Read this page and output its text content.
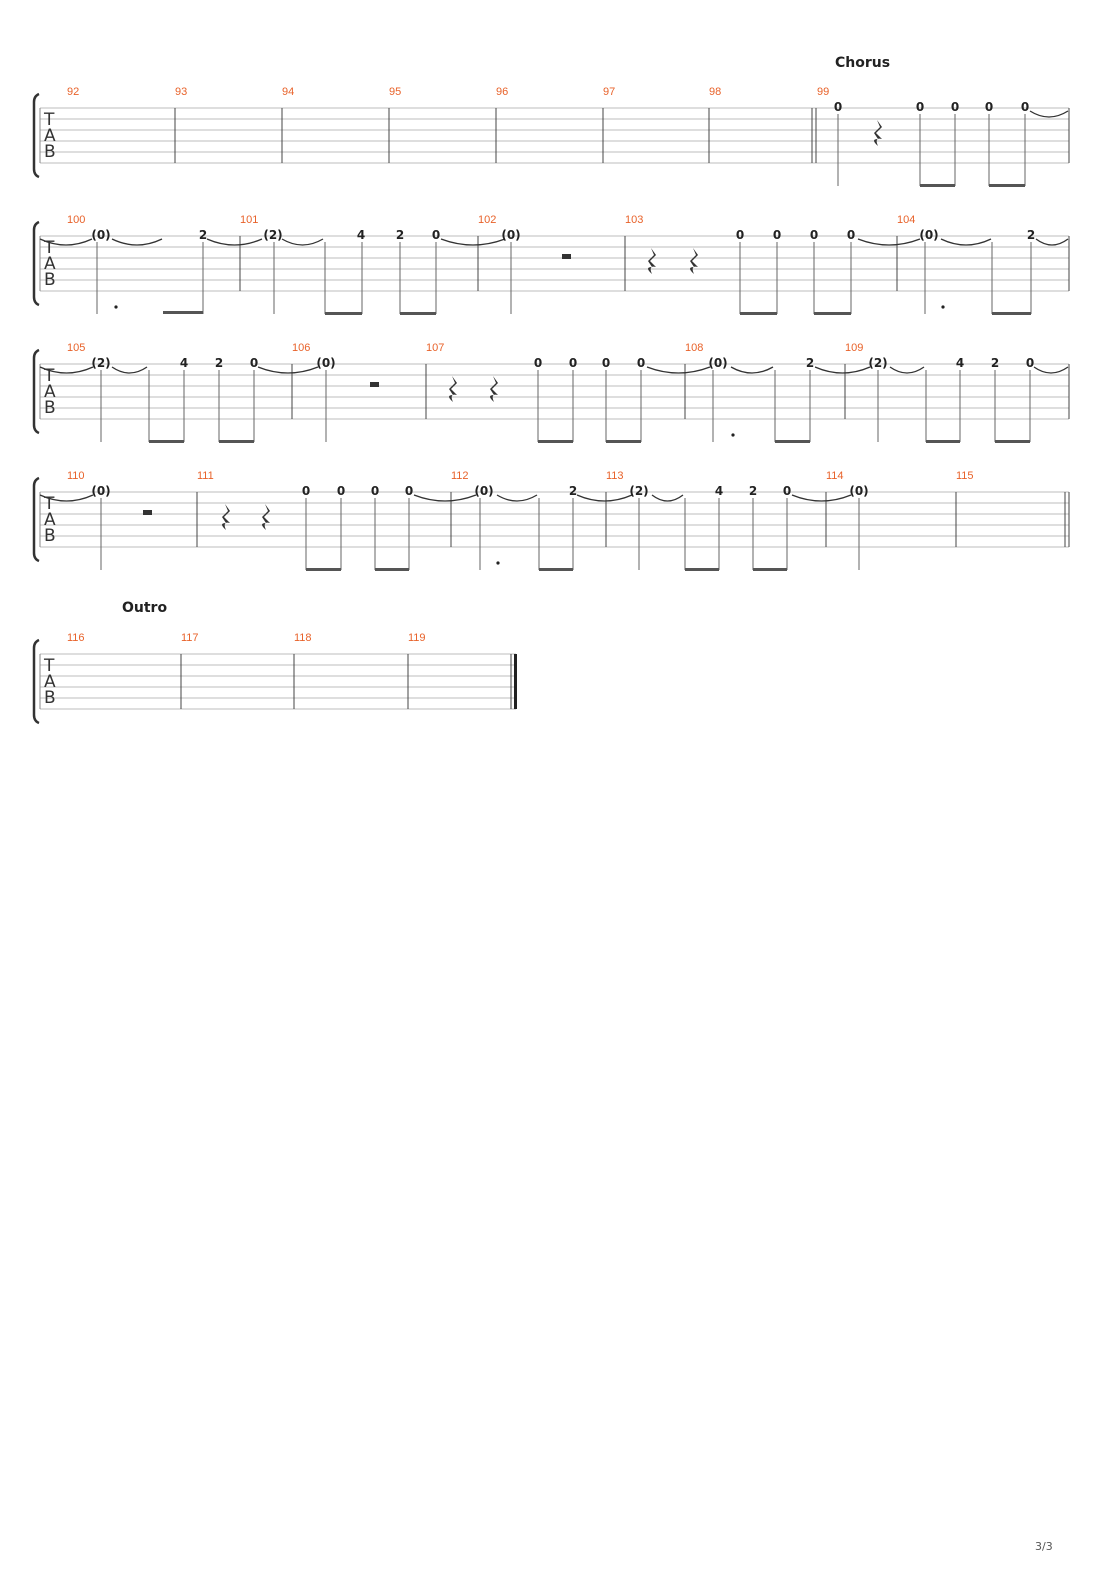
Chorus
T
A
B
92	93	94	95	96	97	98	99
0	0 0 0 0
T
A
B
100	101	102	103	104
(0)	2	(2)	4	2 0	(0)	0 0 0 0	(0)	2
T
A
B
105	106	107	108	109
(2)	4 2 0	(0)	0 0 0 0	(0)	2	(2)	4 2 0
T
A
B
110	111	112	113	114	115
(0)	0 0 0 0	(0)	2	(2)	4 2 0	(0)
Outro
T
A
B
116	117	118	119
3/3
